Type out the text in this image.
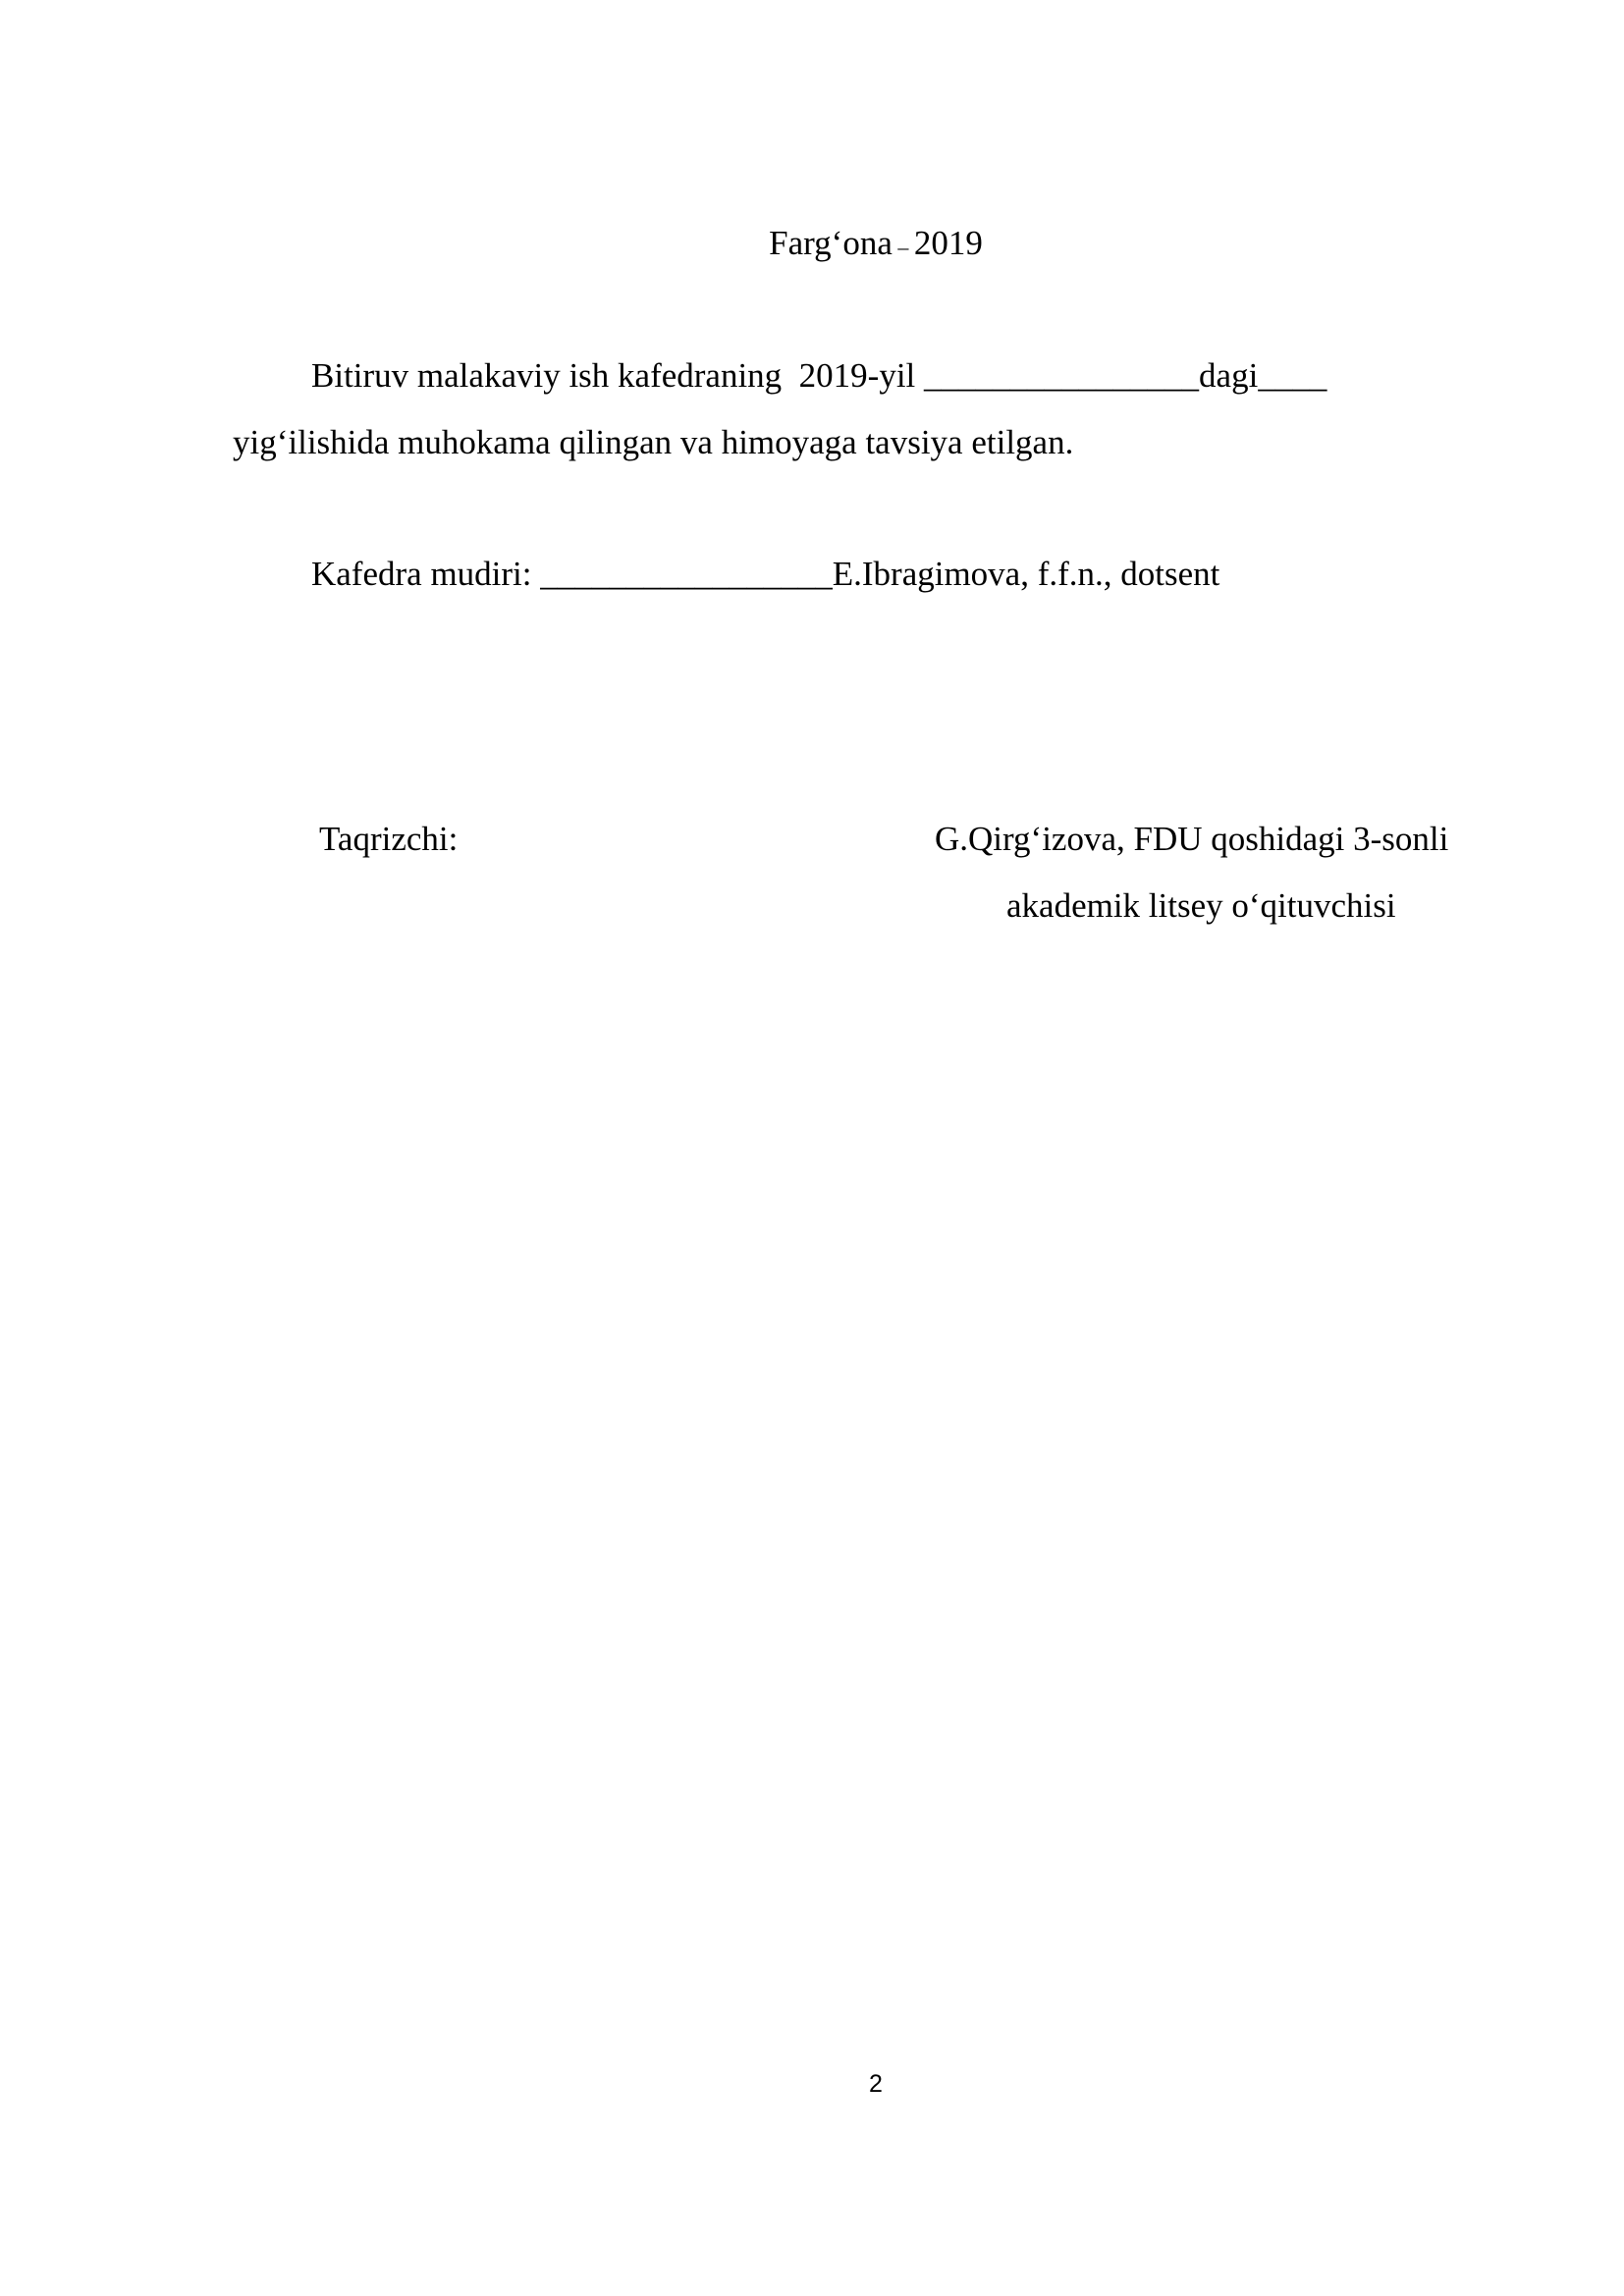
Farg‘ona – 2019
Bitiruv malakaviy ish kafedraning  2019-yil ________________dagi____
yig‘ilishida muhokama qilingan va himoyaga tavsiya etilgan.
Kafedra mudiri: _________________E.Ibragimova, f.f.n., dotsent
Taqrizchi:	G.Qirg‘izova, FDU qoshidagi 3-sonli
akademik litsey o‘qituvchisi
2
